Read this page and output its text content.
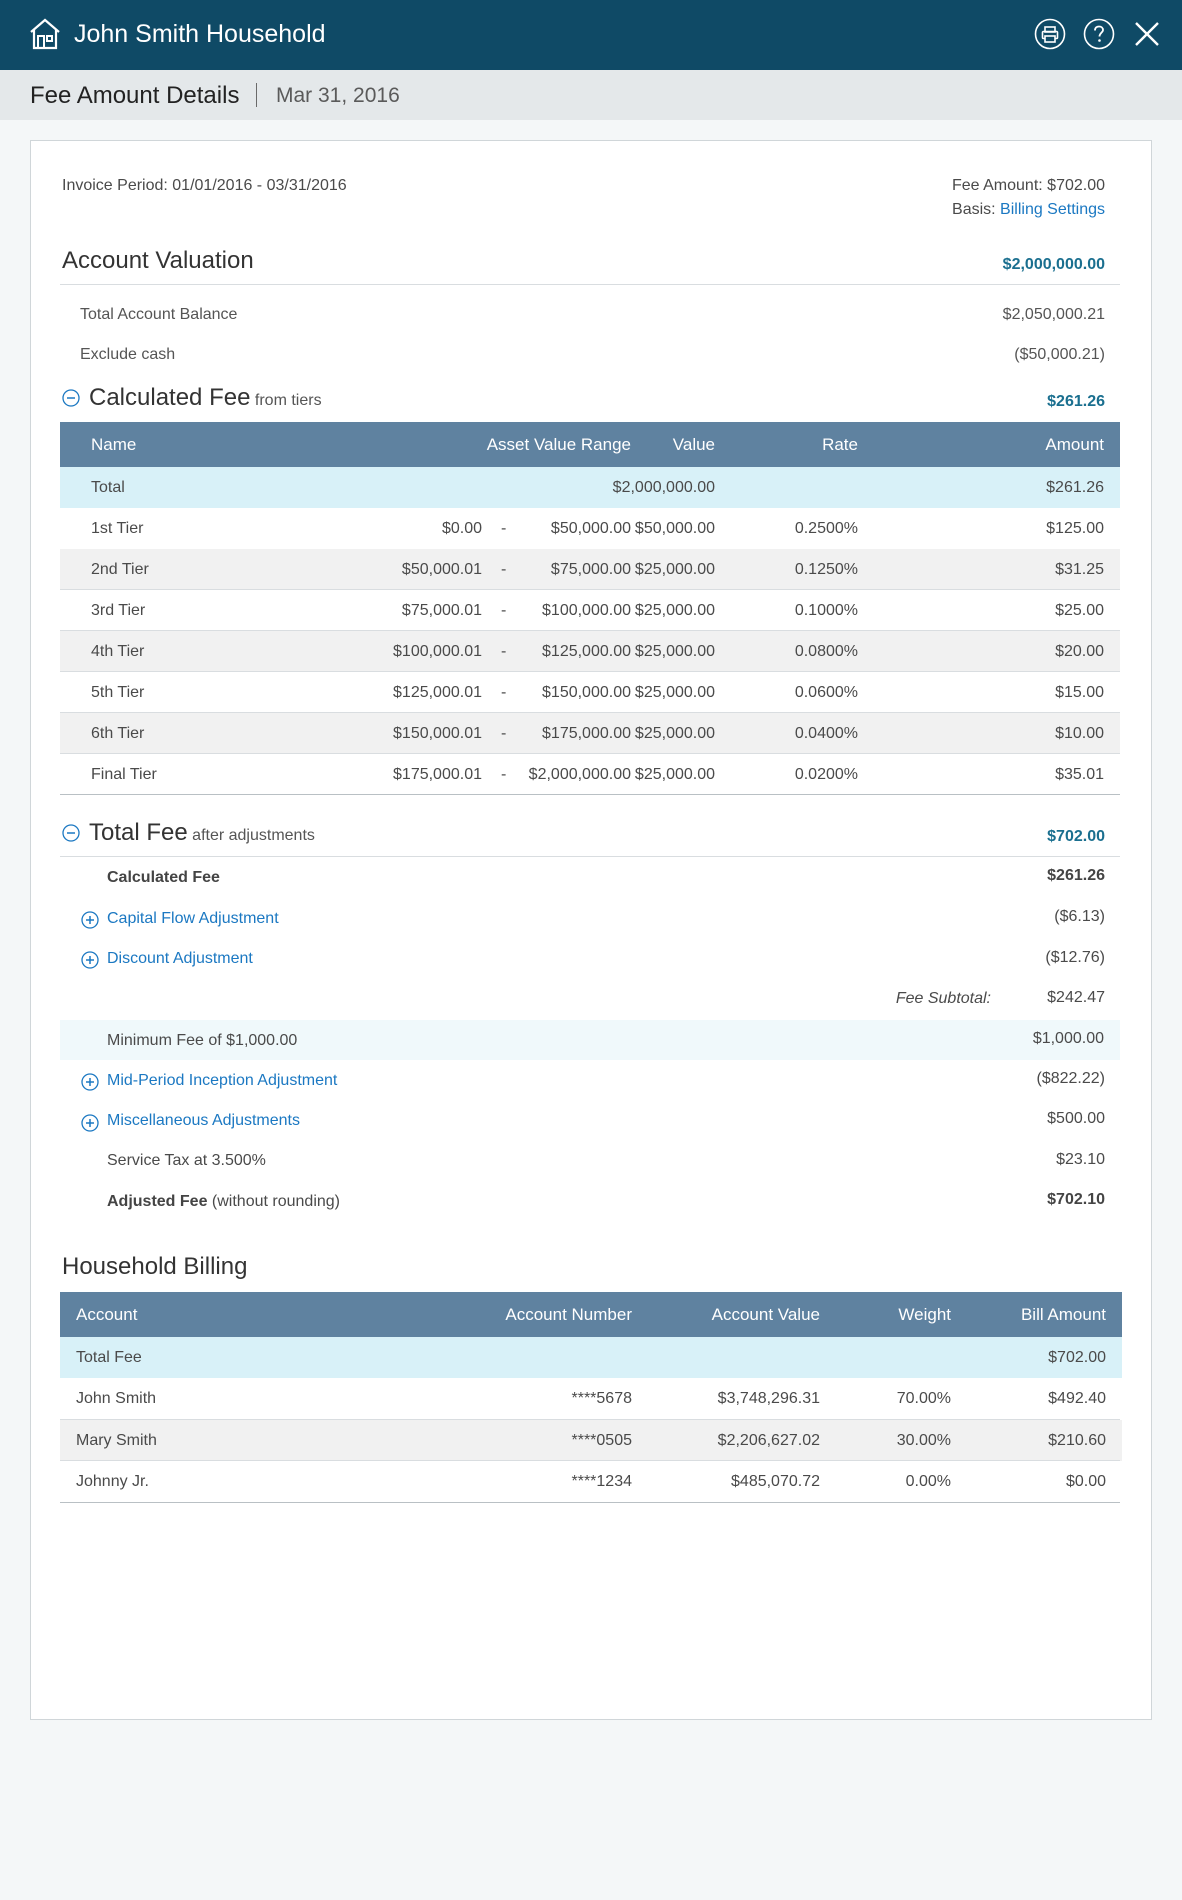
John Smith Household
Fee Amount Details Mar 31, 2016
Invoice Period: 01/01/2016 - 03/31/2016	Fee Amount: $702.00
Basis: Billing Settings
Account Valuation	$2,000,000.00
Total Account Balance	$2,050,000.21
Exclude cash	($50,000.21)
Calculated Fee from tiers	$261.26
Name	Asset Value Range Value	Rate	Amount
Total	$2,000,000.00	$261.26
1st Tier	$0.00 -	$50,000.00 $50,000.00	0.2500%	$125.00
2nd Tier	$50,000.01 -	$75,000.00 $25,000.00	0.1250%	$31.25
3rd Tier	$75,000.01 - $100,000.00 $25,000.00	0.1000%	$25.00
4th Tier	$100,000.01 - $125,000.00 $25,000.00	0.0800%	$20.00
5th Tier	$125,000.01 - $150,000.00 $25,000.00	0.0600%	$15.00
6th Tier	$150,000.01 - $175,000.00 $25,000.00	0.0400%	$10.00
Final Tier	$175,000.01 - $2,000,000.00 $25,000.00	0.0200%	$35.01
Total Fee after adjustments	$702.00
Calculated Fee	$261.26
Capital Flow Adjustment	($6.13)
Discount Adjustment	($12.76)
Fee Subtotal:	$242.47
Minimum Fee of $1,000.00	$1,000.00
Mid-Period Inception Adjustment	($822.22)
Miscellaneous Adjustments	$500.00
Service Tax at 3.500%	$23.10
Adjusted Fee (without rounding)	$702.10
Household Billing
Account	Account Number	Account Value	Weight	Bill Amount
Total Fee	$702.00
John Smith	****5678	$3,748,296.31	70.00%	$492.40
Mary Smith	****0505	$2,206,627.02	30.00%	$210.60
Johnny Jr.	****1234	$485,070.72	0.00%	$0.00
